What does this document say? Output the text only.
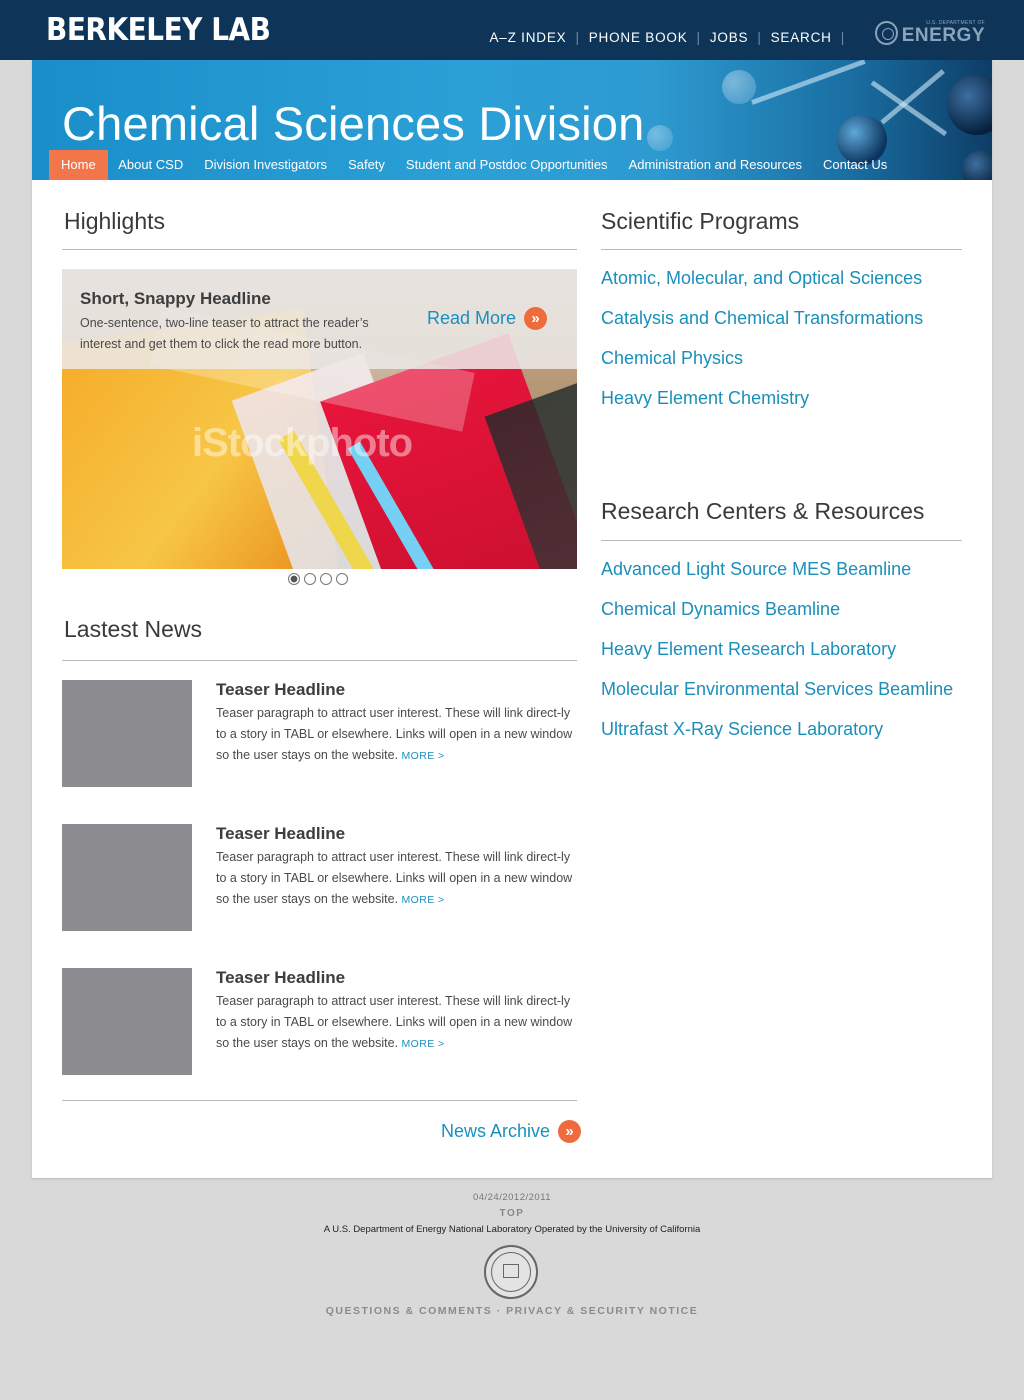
BERKELEY LAB	A–Z INDEX | PHONE BOOK | JOBS | SEARCH |
U.S. DEPARTMENT OF
ENERGY
Chemical Sciences Division
Home	About CSD	Division Investigators	Safety	Student and Postdoc Opportunities	Administration and Resources	Contact Us
Highlights
iStockphoto
Short, Snappy Headline
One-sentence, two-line teaser to attract the reader’s interest and get them to click the read more button.
Read More	»
Lastest News
Teaser Headline
Teaser paragraph to attract user interest. These will link direct-ly to a story in TABL or elsewhere. Links will open in a new window so the user stays on the website. MORE >
Teaser Headline
Teaser paragraph to attract user interest. These will link direct-ly to a story in TABL or elsewhere. Links will open in a new window so the user stays on the website. MORE >
Teaser Headline
Teaser paragraph to attract user interest. These will link direct-ly to a story in TABL or elsewhere. Links will open in a new window so the user stays on the website. MORE >
News Archive	»
Scientific Programs
Atomic, Molecular, and Optical Sciences
Catalysis and Chemical Transformations
Chemical Physics
Heavy Element Chemistry
Research Centers & Resources
Advanced Light Source MES Beamline
Chemical Dynamics Beamline
Heavy Element Research Laboratory
Molecular Environmental Services Beamline
Ultrafast X-Ray Science Laboratory
04/24/2012/2011
TOP
A U.S. Department of Energy National Laboratory Operated by the University of California
QUESTIONS & COMMENTS · PRIVACY & SECURITY NOTICE
